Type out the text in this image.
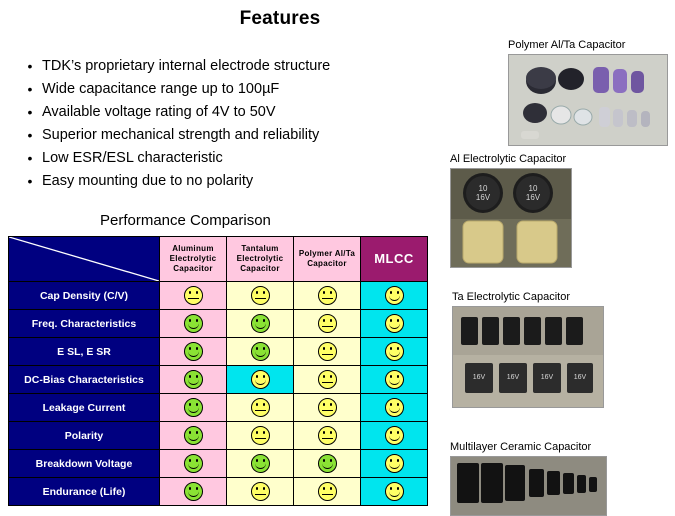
Features
• TDK’s proprietary internal electrode structure
• Wide capacitance range up to 100µF
• Available voltage rating of 4V to 50V
• Superior mechanical strength and reliability
• Low ESR/ESL characteristic
• Easy mounting due to no polarity
Performance Comparison
	Aluminum Electrolytic Capacitor	Tantalum Electrolytic Capacitor	Polymer Al/Ta Capacitor	MLCC
Cap Density (C/V)	

Freq. Characteristics	

E SL, E SR	

DC-Bias Characteristics	

Leakage Current	

Polarity	

Breakdown Voltage	

Endurance (Life)	

Polymer Al/Ta Capacitor
Al Electrolytic Capacitor
10
16V
10
16V
Ta Electrolytic Capacitor
16V	16V	16V	16V
Multilayer Ceramic Capacitor
